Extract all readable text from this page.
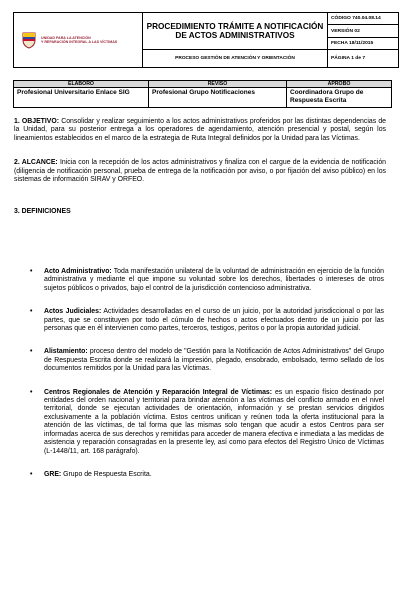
UNIDAD PARA LA ATENCIÓN
Y REPARACIÓN INTEGRAL A LAS VÍCTIMAS	PROCEDIMIENTO TRÁMITE A NOTIFICACIÓN DE ACTOS ADMINISTRATIVOS	CÓDIGO 740.04.08.14
		VERSIÓN 02
		FECHA 18/11/2015
	PROCESO GESTIÓN DE ATENCIÓN Y ORIENTACIÓN	PÁGINA 1 de 7
ELABORO	REVISO	APROBO
Profesional Universitario Enlace SIG	Profesional Grupo Notificaciones	Coordinadora Grupo de Respuesta Escrita

1. OBJETIVO: Consolidar y realizar seguimiento a los actos administrativos proferidos por las distintas dependencias de la Unidad, para su posterior entrega a los operadores de agendamiento, atención presencial y postal, según los lineamientos establecidos en el marco de la estrategia de Ruta Integral definidos por la Unidad para las Víctimas.

2. ALCANCE: Inicia con la recepción de los actos administrativos y finaliza con el cargue de la evidencia de notificación (diligencia de notificación personal, prueba de entrega de la notificación por aviso, o por fijación del aviso público) en los sistemas de información SIRAV y ORFEO.

3. DEFINICIONES

• Acto Administrativo: Toda manifestación unilateral de la voluntad de administración en ejercicio de la función administrativa y mediante el que impone su voluntad sobre los derechos, libertades o intereses de otros sujetos públicos o privados, bajo el control de la jurisdicción contencioso administrativa.
• Actos Judiciales: Actividades desarrolladas en el curso de un juicio, por la autoridad jurisdiccional o por las partes, que se constituyen por todo el cúmulo de hechos o actos efectuados dentro de un juicio por las personas que en él intervienen como partes, terceros, testigos, peritos o por la propia autoridad judicial.
• Alistamiento: proceso dentro del modelo de "Gestión para la Notificación de Actos Administrativos" del Grupo de Respuesta Escrita donde se realizará la impresión, plegado, ensobrado, embolsado, termo sellado de los documentos remitidos por la Unidad para las Víctimas.
• Centros Regionales de Atención y Reparación Integral de Víctimas: es un espacio físico destinado por entidades del orden nacional y territorial para brindar atención a las víctimas del conflicto armado en el nivel territorial, donde se ejecutan actividades de orientación, información y se prestan servicios dirigidos exclusivamente a la población víctima. Estos centros unifican y reúnen toda la oferta institucional para la atención de las víctimas, de tal forma que las mismas solo tengan que acudir a estos Centros para ser informadas acerca de sus derechos y remitidas para acceder de manera efectiva e inmediata a las medidas de asistencia y reparación consagradas en la presente ley, así como para efectos del Registro Único de Víctimas (L-1448/11, art. 168 parágrafo).
• GRE: Grupo de Respuesta Escrita.
